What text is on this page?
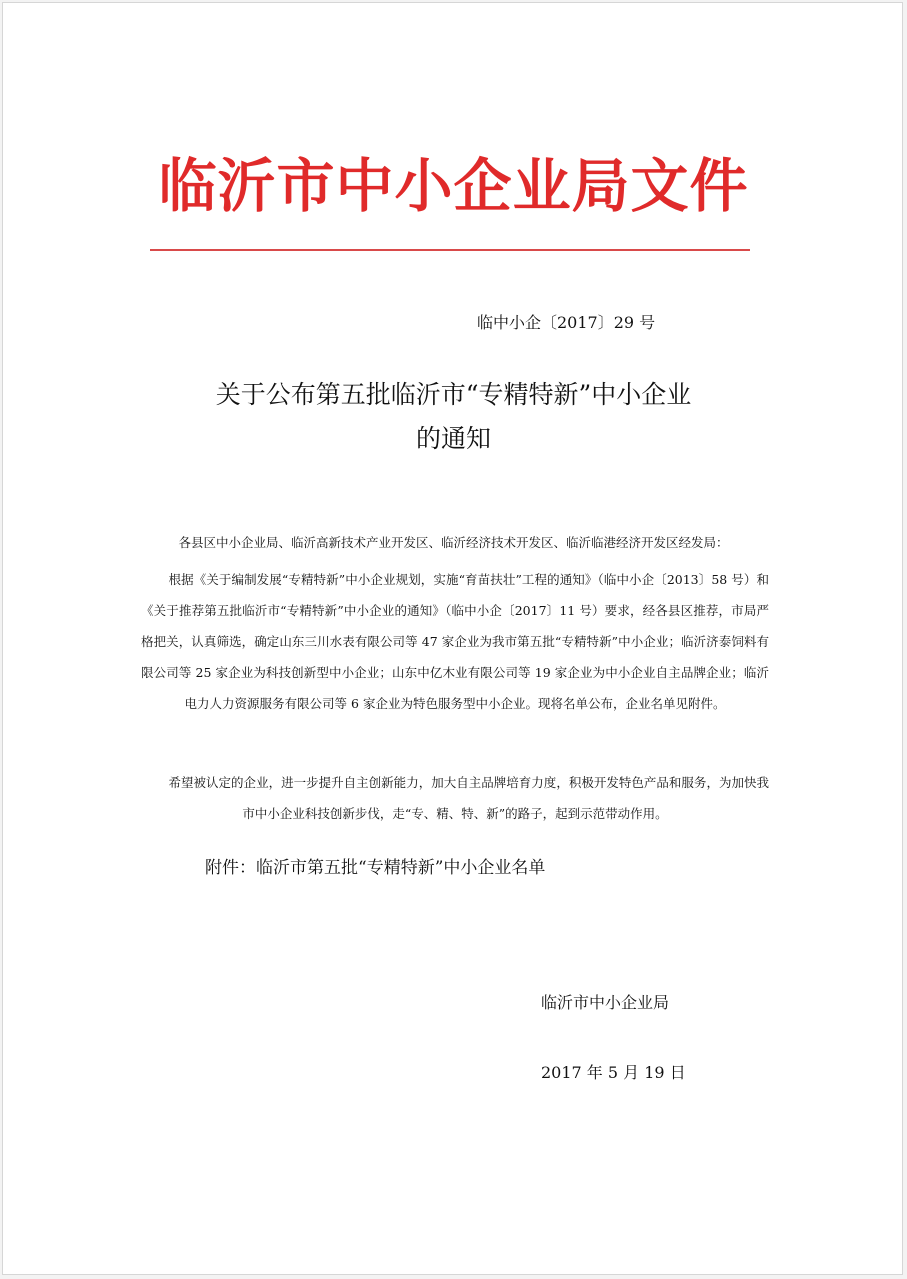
临沂市中小企业局文件
临中小企〔2017〕29 号
关于公布第五批临沂市“专精特新”中小企业
的通知
各县区中小企业局、临沂高新技术产业开发区、临沂经济技术开发区、临沂临港经济开发区经发局：

根据《关于编制发展“专精特新”中小企业规划，实施“育苗扶壮”工程的通知》（临中小企〔2013〕58 号）和《关于推荐第五批临沂市“专精特新”中小企业的通知》（临中小企〔2017〕11 号）要求，经各县区推荐，市局严格把关，认真筛选，确定山东三川水表有限公司等 47 家企业为我市第五批“专精特新”中小企业；临沂济泰饲料有限公司等 25 家企业为科技创新型中小企业；山东中亿木业有限公司等 19 家企业为中小企业自主品牌企业；临沂电力人力资源服务有限公司等 6 家企业为特色服务型中小企业。现将名单公布，企业名单见附件。

希望被认定的企业，进一步提升自主创新能力，加大自主品牌培育力度，积极开发特色产品和服务，为加快我市中小企业科技创新步伐，走“专、精、特、新”的路子，起到示范带动作用。

附件：临沂市第五批“专精特新”中小企业名单
临沂市中小企业局
2017 年 5 月 19 日
